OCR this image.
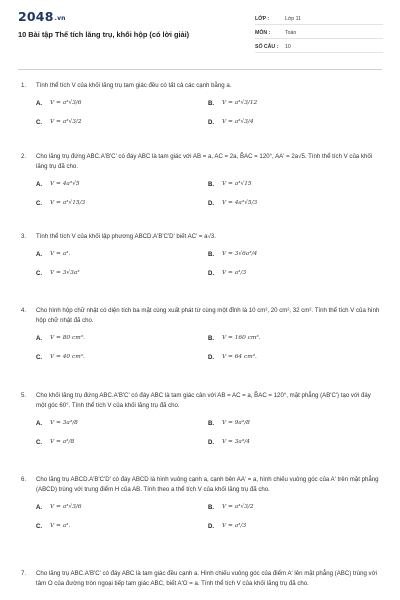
2048.vn
10 Bài tập Thể tích lăng trụ, khối hộp (có lời giải)
LỚP :	Lớp 11
MÔN :	Toán
SỐ CÂU :	10
1. Tính thể tích V của khối lăng trụ tam giác đều có tất cả các cạnh bằng a.
A.	V = a³√3/6	B.	V = a³√3/12
C.	V = a³√3/2	D.	V = a³√3/4
2. Cho lăng trụ đứng ABC.A'B'C' có đáy ABC là tam giác với AB = a, AC = 2a, B̂AC = 120°, AA' = 2a√5. Tính thể tích V của khối lăng trụ đã cho.
A.	V = 4a³√5	B.	V = a³√15
C.	V = a³√15/3	D.	V = 4a³√5/3
3. Tính thể tích V của khối lập phương ABCD.A'B'C'D' biết AC' = a√3.
A.	V = a³.	B.	V = 3√6a³/4
C.	V = 3√3a³	D.	V = a³/3
4. Cho hình hộp chữ nhật có diện tích ba mặt cùng xuất phát từ cùng một đỉnh là 10 cm², 20 cm², 32 cm². Tính thể tích V của hình hộp chữ nhật đã cho.
A.	V = 80 cm³.	B.	V = 160 cm³.
C.	V = 40 cm³.	D.	V = 64 cm³.
5. Cho khối lăng trụ đứng ABC.A'B'C' có đáy ABC là tam giác cân với AB = AC = a, B̂AC = 120°, mặt phẳng (AB'C') tạo với đáy một góc 60°. Tính thể tích V của khối lăng trụ đã cho.
A.	V = 3a³/8	B.	V = 9a³/8
C.	V = a³/8	D.	V = 3a³/4
6. Cho lăng trụ ABCD.A'B'C'D' có đáy ABCD là hình vuông cạnh a, cạnh bên AA' = a, hình chiếu vuông góc của A' trên mặt phẳng (ABCD) trùng với trung điểm H của AB. Tính theo a thể tích V của khối lăng trụ đã cho.
A.	V = a³√3/6	B.	V = a³√3/2
C.	V = a³.	D.	V = a³/3
7. Cho lăng trụ ABC.A'B'C' có đáy ABC là tam giác đều cạnh a. Hình chiếu vuông góc của điểm A' lên mặt phẳng (ABC) trùng với tâm O của đường tròn ngoại tiếp tam giác ABC, biết A'O = a. Tính thể tích V của khối lăng trụ đã cho.
